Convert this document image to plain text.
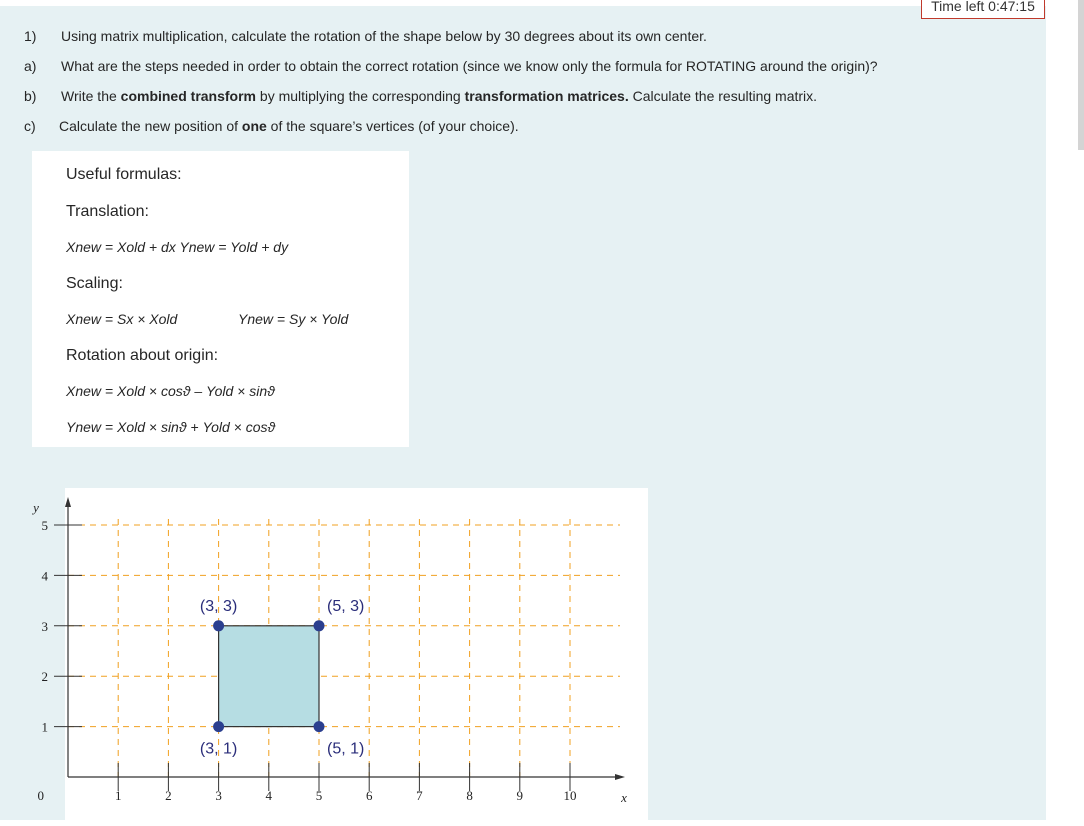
Time left 0:47:15
1) Using matrix multiplication, calculate the rotation of the shape below by 30 degrees about its own center.
a) What are the steps needed in order to obtain the correct rotation (since we know only the formula for ROTATING around the origin)?
b) Write the combined transform by multiplying the corresponding transformation matrices. Calculate the resulting matrix.
c) Calculate the new position of one of the square’s vertices (of your choice).
Useful formulas:
Translation:
Xnew = Xold + dx Ynew = Yold + dy
Scaling:
Xnew = Sx × Xold	Ynew = Sy × Yold
Rotation about origin:
Xnew = Xold × cosϑ – Yold × sinϑ
Ynew = Xold × sinϑ + Yold × cosϑ
1	2	3	4	5	6	7	8	9	10
1
2
3
4
5
0	x
y
(3, 3)	(5, 3)
(3, 1)	(5, 1)
